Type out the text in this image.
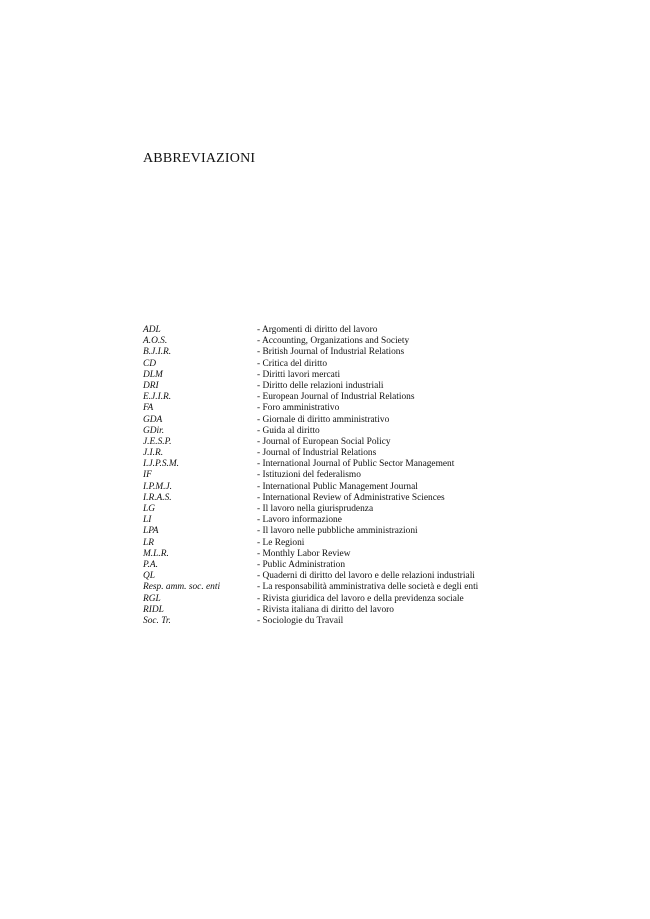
ABBREVIAZIONI
ADL	- Argomenti di diritto del lavoro
A.O.S.	- Accounting, Organizations and Society
B.J.I.R.	- British Journal of Industrial Relations
CD	- Critica del diritto
DLM	- Diritti lavori mercati
DRI	- Diritto delle relazioni industriali
E.J.I.R.	- European Journal of Industrial Relations
FA	- Foro amministrativo
GDA	- Giornale di diritto amministrativo
GDir.	- Guida al diritto
J.E.S.P.	- Journal of European Social Policy
J.I.R.	- Journal of Industrial Relations
I.J.P.S.M.	- International Journal of Public Sector Management
IF	- Istituzioni del federalismo
I.P.M.J.	- International Public Management Journal
I.R.A.S.	- International Review of Administrative Sciences
LG	- Il lavoro nella giurisprudenza
LI	- Lavoro informazione
LPA	- Il lavoro nelle pubbliche amministrazioni
LR	- Le Regioni
M.L.R.	- Monthly Labor Review
P.A.	- Public Administration
QL	- Quaderni di diritto del lavoro e delle relazioni industriali
Resp. amm. soc. enti	- La responsabilità amministrativa delle società e degli enti
RGL	- Rivista giuridica del lavoro e della previdenza sociale
RIDL	- Rivista italiana di diritto del lavoro
Soc. Tr.	- Sociologie du Travail
